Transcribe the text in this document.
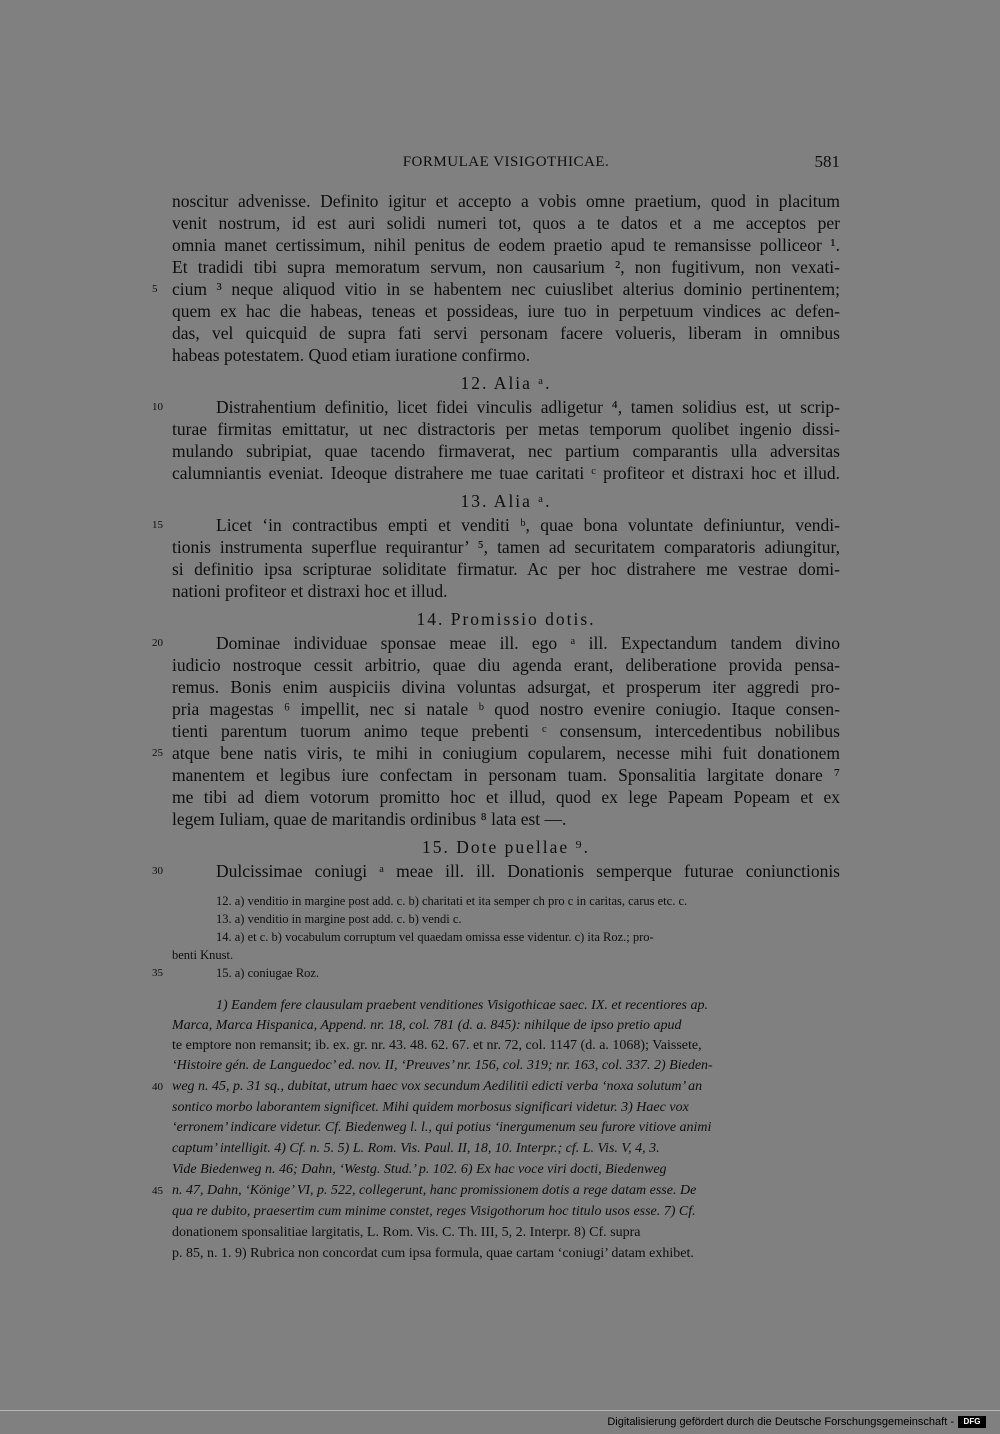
FORMULAE VISIGOTHICAE.	581
noscitur advenisse. Definito igitur et accepto a vobis omne praetium, quod in placitum
venit nostrum, id est auri solidi numeri tot, quos a te datos et a me acceptos per
omnia manet certissimum, nihil penitus de eodem praetio apud te remansisse polliceor ¹.
Et tradidi tibi supra memoratum servum, non causarium ², non fugitivum, non vexati-
5 cium ³ neque aliquod vitio in se habentem nec cuiuslibet alterius dominio pertinentem;
quem ex hac die habeas, teneas et possideas, iure tuo in perpetuum vindices ac defen-
das, vel quicquid de supra fati servi personam facere volueris, liberam in omnibus
habeas potestatem. Quod etiam iuratione confirmo.
12. Alia ᵃ.
10	Distrahentium definitio, licet fidei vinculis adligetur ⁴, tamen solidius est, ut scrip-
turae firmitas emittatur, ut nec distractoris per metas temporum quolibet ingenio dissi-
mulando subripiat, quae tacendo firmaverat, nec partium comparantis ulla adversitas
calumniantis eveniat. Ideoque distrahere me tuae caritati ᶜ profiteor et distraxi hoc et illud.
13. Alia ᵃ.
15	Licet ‘in contractibus empti et venditi ᵇ, quae bona voluntate definiuntur, vendi-
tionis instrumenta superflue requirantur’ ⁵, tamen ad securitatem comparatoris adiungitur,
si definitio ipsa scripturae soliditate firmatur. Ac per hoc distrahere me vestrae domi-
nationi profiteor et distraxi hoc et illud.
14. Promissio dotis.
20	Dominae individuae sponsae meae ill. ego ᵃ ill. Expectandum tandem divino
iudicio nostroque cessit arbitrio, quae diu agenda erant, deliberatione provida pensa-
remus. Bonis enim auspiciis divina voluntas adsurgat, et prosperum iter aggredi pro-
pria magestas ⁶ impellit, nec si natale ᵇ quod nostro evenire coniugio. Itaque consen-
tienti parentum tuorum animo teque prebenti ᶜ consensum, intercedentibus nobilibus
25 atque bene natis viris, te mihi in coniugium copularem, necesse mihi fuit donationem
manentem et legibus iure confectam in personam tuam. Sponsalitia largitate donare ⁷
me tibi ad diem votorum promitto hoc et illud, quod ex lege Papeam Popeam et ex
legem Iuliam, quae de maritandis ordinibus ⁸ lata est —.
15. Dote puellae ⁹.
30	Dulcissimae coniugi ᵃ meae ill. ill. Donationis semperque futurae coniunctionis
12. a) venditio in margine post add. c. b) charitati et ita semper ch pro c in caritas, carus etc. c.
13. a) venditio in margine post add. c. b) vendi c.
14. a) et c. b) vocabulum corruptum vel quaedam omissa esse videntur. c) ita Roz.; pro-
benti Knust.
35	15. a) coniugae Roz.
1) Eandem fere clausulam praebent venditiones Visigothicae saec. IX. et recentiores ap.
Marca, Marca Hispanica, Append. nr. 18, col. 781 (d. a. 845): nihilque de ipso pretio apud
te emptore non remansit; ib. ex. gr. nr. 43. 48. 62. 67. et nr. 72, col. 1147 (d. a. 1068); Vaissete,
‘Histoire gén. de Languedoc’ ed. nov. II, ‘Preuves’ nr. 156, col. 319; nr. 163, col. 337. 2) Bieden-
40 weg n. 45, p. 31 sq., dubitat, utrum haec vox secundum Aedilitii edicti verba ‘noxa solutum’ an
sontico morbo laborantem significet. Mihi quidem morbosus significari videtur. 3) Haec vox
‘erronem’ indicare videtur. Cf. Biedenweg l. l., qui potius ‘inergumenum seu furore vitiove animi
captum’ intelligit. 4) Cf. n. 5. 5) L. Rom. Vis. Paul. II, 18, 10. Interpr.; cf. L. Vis. V, 4, 3.
Vide Biedenweg n. 46; Dahn, ‘Westg. Stud.’ p. 102. 6) Ex hac voce viri docti, Biedenweg
45 n. 47, Dahn, ‘Könige’ VI, p. 522, collegerunt, hanc promissionem dotis a rege datam esse. De
qua re dubito, praesertim cum minime constet, reges Visigothorum hoc titulo usos esse. 7) Cf.
donationem sponsalitiae largitatis, L. Rom. Vis. C. Th. III, 5, 2. Interpr. 8) Cf. supra
p. 85, n. 1. 9) Rubrica non concordat cum ipsa formula, quae cartam ‘coniugi’ datam exhibet.
Digitalisierung gefördert durch die Deutsche Forschungsgemeinschaft -	DFG
